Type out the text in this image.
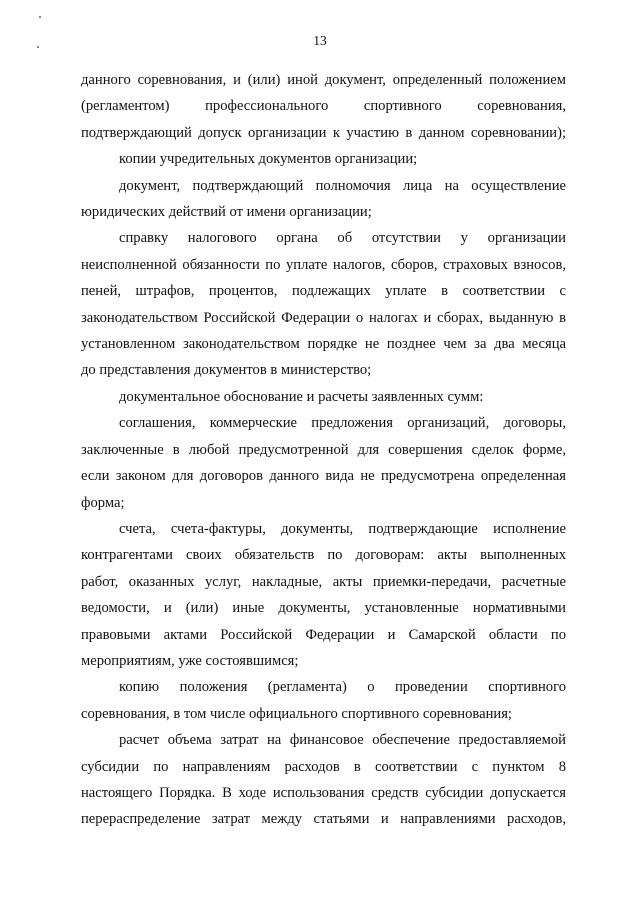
13
данного соревнования, и (или) иной документ, определенный положением
(регламентом) профессионального спортивного соревнования,
подтверждающий допуск организации к участию в данном соревновании);
копии учредительных документов организации;
документ, подтверждающий полномочия лица на осуществление
юридических действий от имени организации;
справку налогового органа об отсутствии у организации
неисполненной обязанности по уплате налогов, сборов, страховых взносов,
пеней, штрафов, процентов, подлежащих уплате в соответствии с
законодательством Российской Федерации о налогах и сборах, выданную в
установленном законодательством порядке не позднее чем за два месяца
до представления документов в министерство;
документальное обоснование и расчеты заявленных сумм:
соглашения, коммерческие предложения организаций, договоры,
заключенные в любой предусмотренной для совершения сделок форме,
если законом для договоров данного вида не предусмотрена определенная
форма;
счета, счета-фактуры, документы, подтверждающие исполнение
контрагентами своих обязательств по договорам: акты выполненных
работ, оказанных услуг, накладные, акты приемки-передачи, расчетные
ведомости, и (или) иные документы, установленные нормативными
правовыми актами Российской Федерации и Самарской области по
мероприятиям, уже состоявшимся;
копию положения (регламента) о проведении спортивного
соревнования, в том числе официального спортивного соревнования;
расчет объема затрат на финансовое обеспечение предоставляемой
субсидии по направлениям расходов в соответствии с пунктом 8
настоящего Порядка. В ходе использования средств субсидии допускается
перераспределение затрат между статьями и направлениями расходов,
